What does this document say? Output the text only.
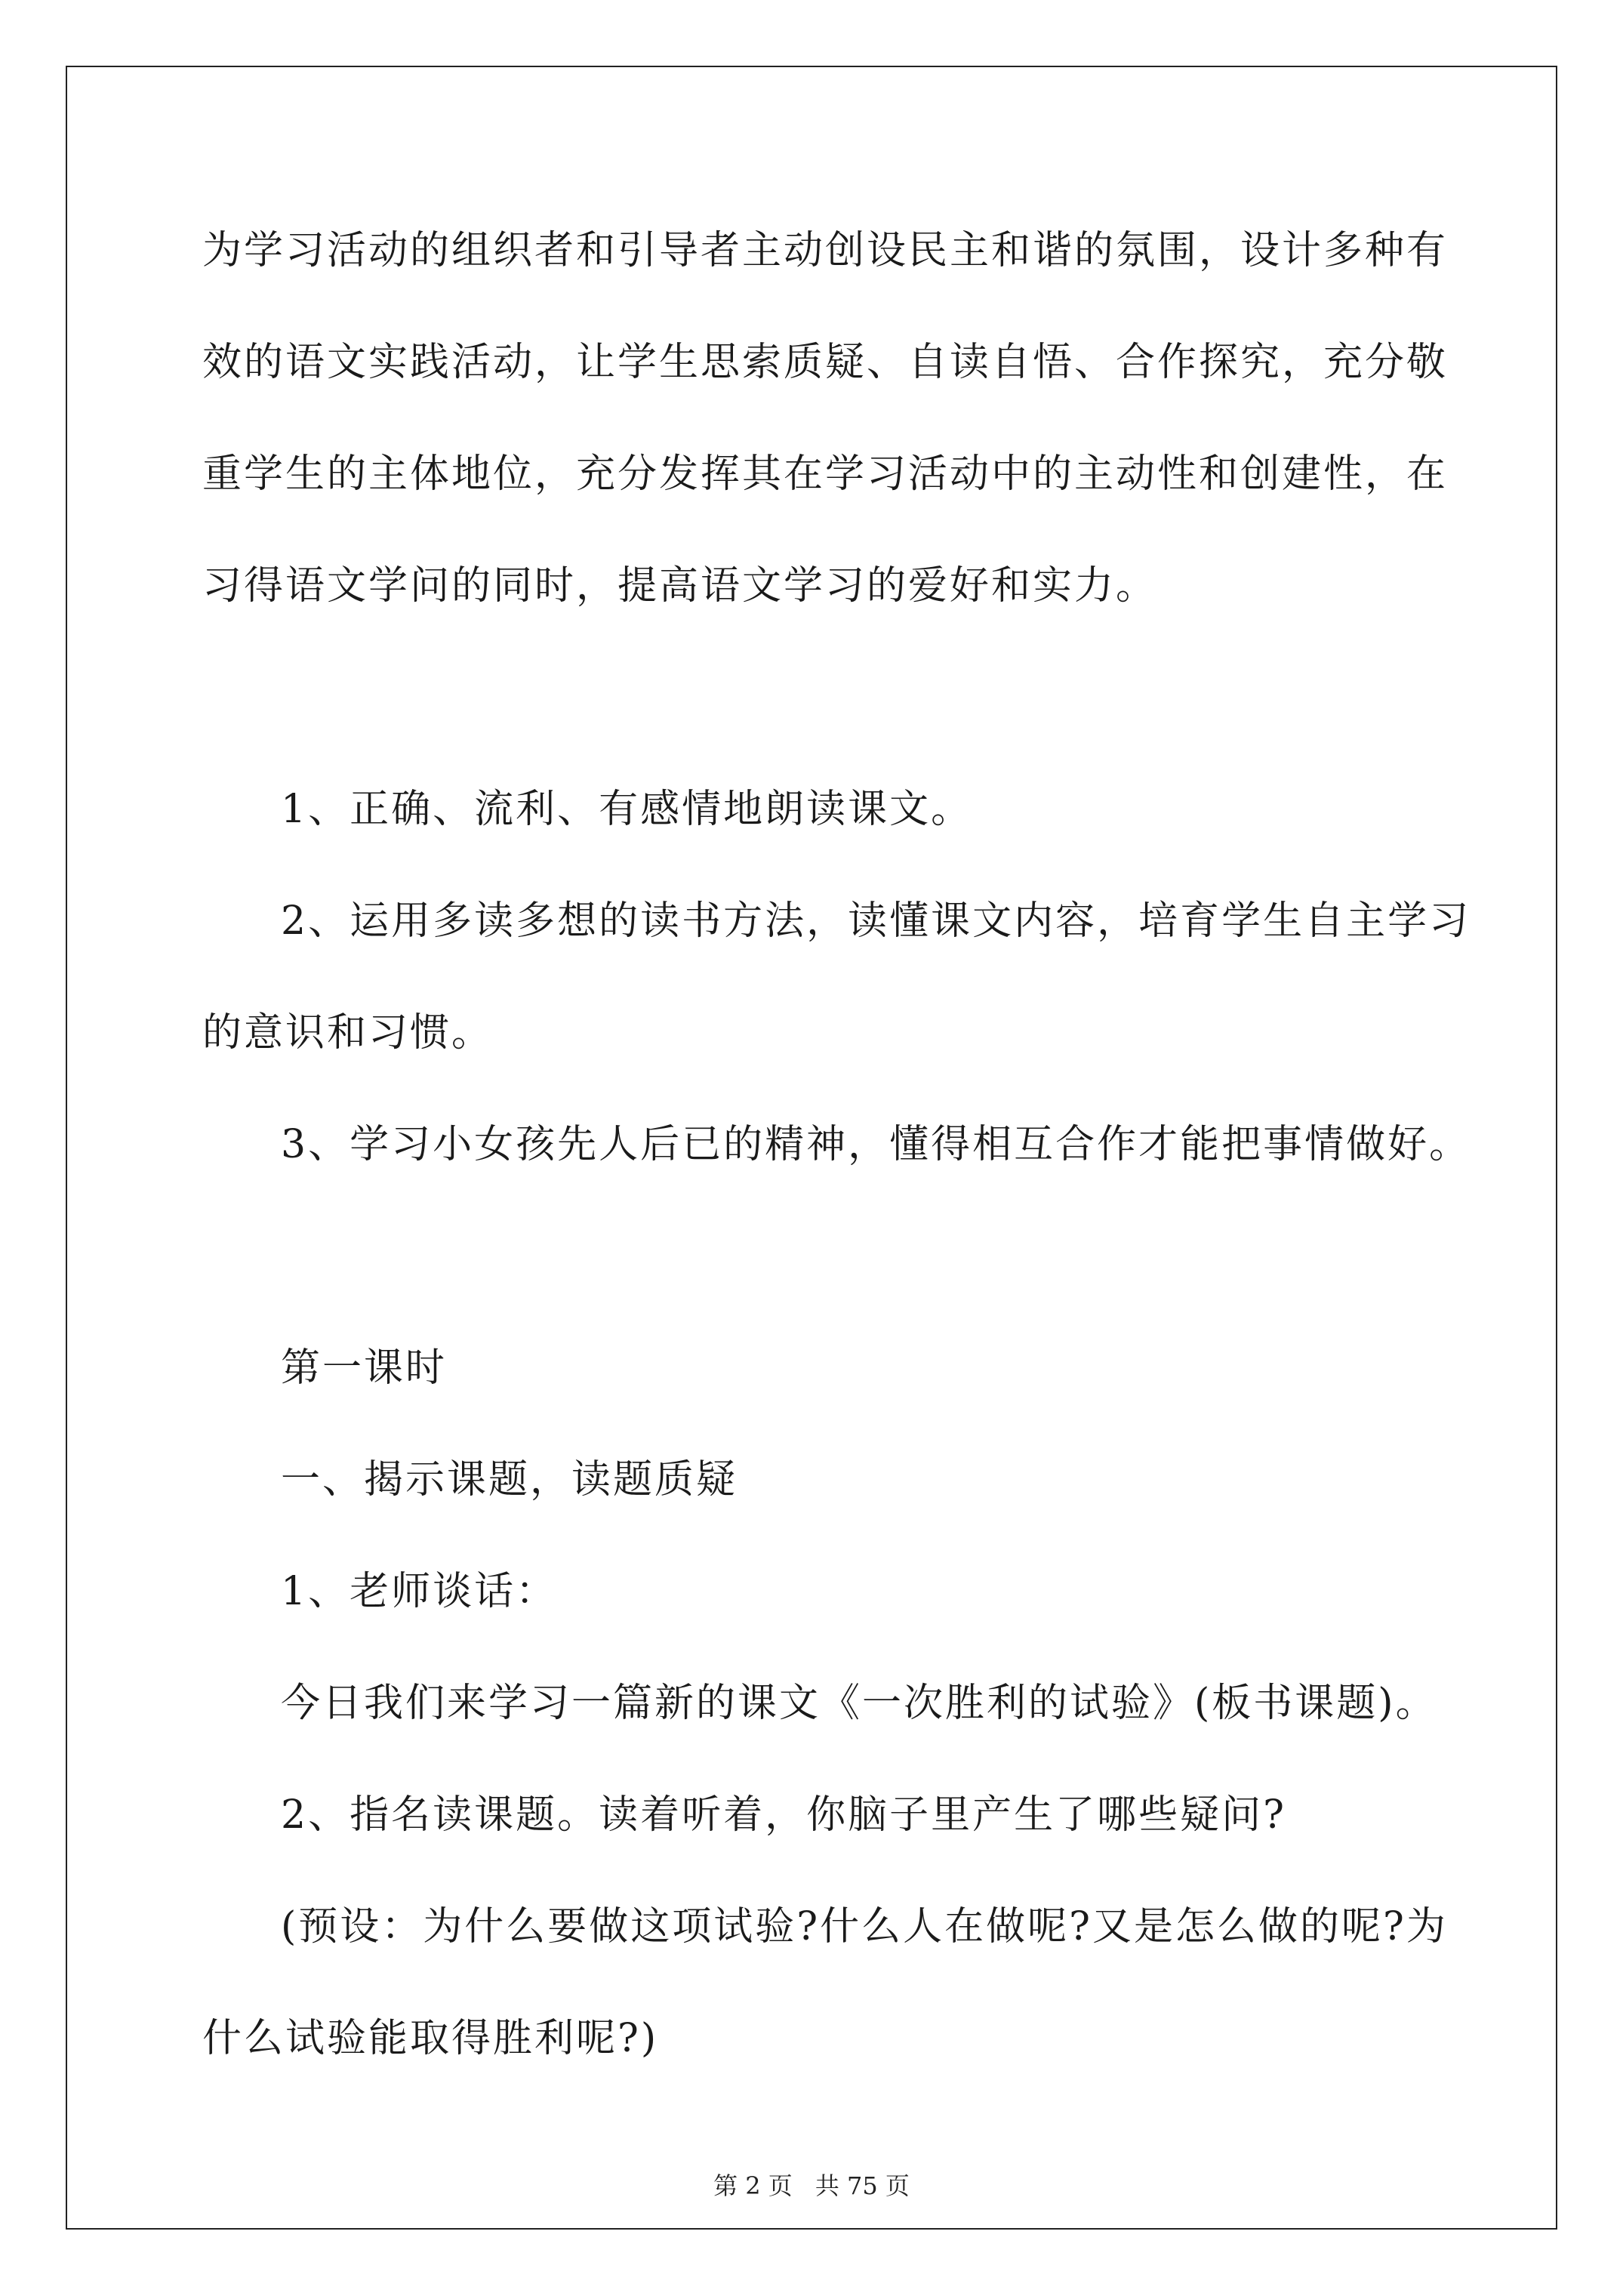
为学习活动的组织者和引导者主动创设民主和谐的氛围，设计多种有

效的语文实践活动，让学生思索质疑、自读自悟、合作探究，充分敬

重学生的主体地位，充分发挥其在学习活动中的主动性和创建性，在

习得语文学问的同时，提高语文学习的爱好和实力。

1、正确、流利、有感情地朗读课文。

2、运用多读多想的读书方法，读懂课文内容，培育学生自主学习

的意识和习惯。

3、学习小女孩先人后已的精神，懂得相互合作才能把事情做好。

第一课时

一、揭示课题，读题质疑

1、老师谈话：

今日我们来学习一篇新的课文《一次胜利的试验》(板书课题)。

2、指名读课题。读着听着，你脑子里产生了哪些疑问?

(预设：为什么要做这项试验?什么人在做呢?又是怎么做的呢?为

什么试验能取得胜利呢?)

第 2 页 共 75 页
